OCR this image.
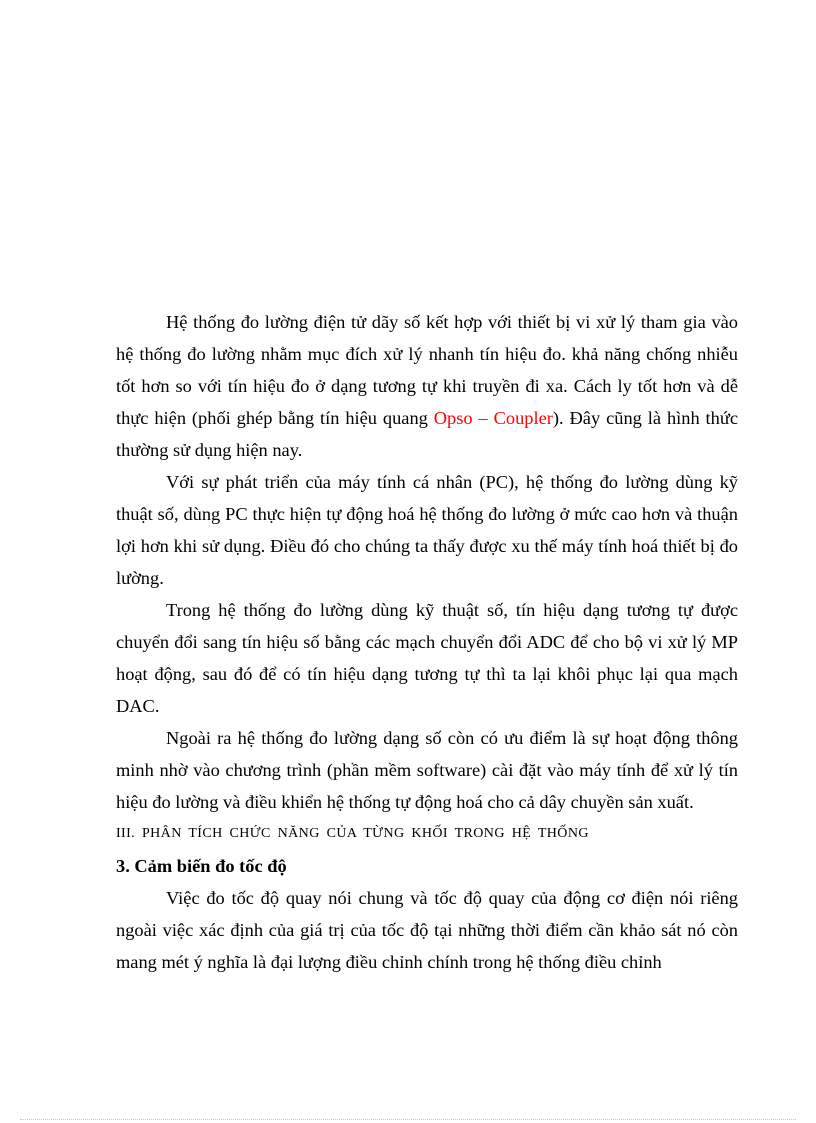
Hệ thống đo lường điện tử dãy số kết hợp với thiết bị vi xử lý tham gia vào hệ thống đo lường nhằm mục đích xử lý nhanh tín hiệu đo. khả năng chống nhiễu tốt hơn so với tín hiệu đo ở dạng tương tự khi truyền đi xa. Cách ly tốt hơn và dễ thực hiện (phối ghép bằng tín hiệu quang Opso – Coupler). Đây cũng là hình thức thường sử dụng hiện nay.

Với sự phát triển của máy tính cá nhân (PC), hệ thống đo lường dùng kỹ thuật số, dùng PC thực hiện tự động hoá hệ thống đo lường ở mức cao hơn và thuận lợi hơn khi sử dụng. Điều đó cho chúng ta thấy được xu thế máy tính hoá thiết bị đo lường.

Trong hệ thống đo lường dùng kỹ thuật số, tín hiệu dạng tương tự được chuyển đổi sang tín hiệu số bằng các mạch chuyển đổi ADC để cho bộ vi xử lý MP hoạt động, sau đó để có tín hiệu dạng tương tự thì ta lại khôi phục lại qua mạch DAC.

Ngoài ra hệ thống đo lường dạng số còn có ưu điểm là sự hoạt động thông minh nhờ vào chương trình (phần mềm software) cài đặt vào máy tính để xử lý tín hiệu đo lường và điều khiển hệ thống tự động hoá cho cả dây chuyền sản xuất.

III. PHÂN TÍCH CHỨC NĂNG CỦA TỪNG KHỐI TRONG HỆ THỐNG

3. Cảm biến đo tốc độ

Việc đo tốc độ quay nói chung và tốc độ quay của động cơ điện nói riêng ngoài việc xác định của giá trị của tốc độ tại những thời điểm cần khảo sát nó còn mang mét ý nghĩa là đại lượng điều chỉnh chính trong hệ thống điều chỉnh
